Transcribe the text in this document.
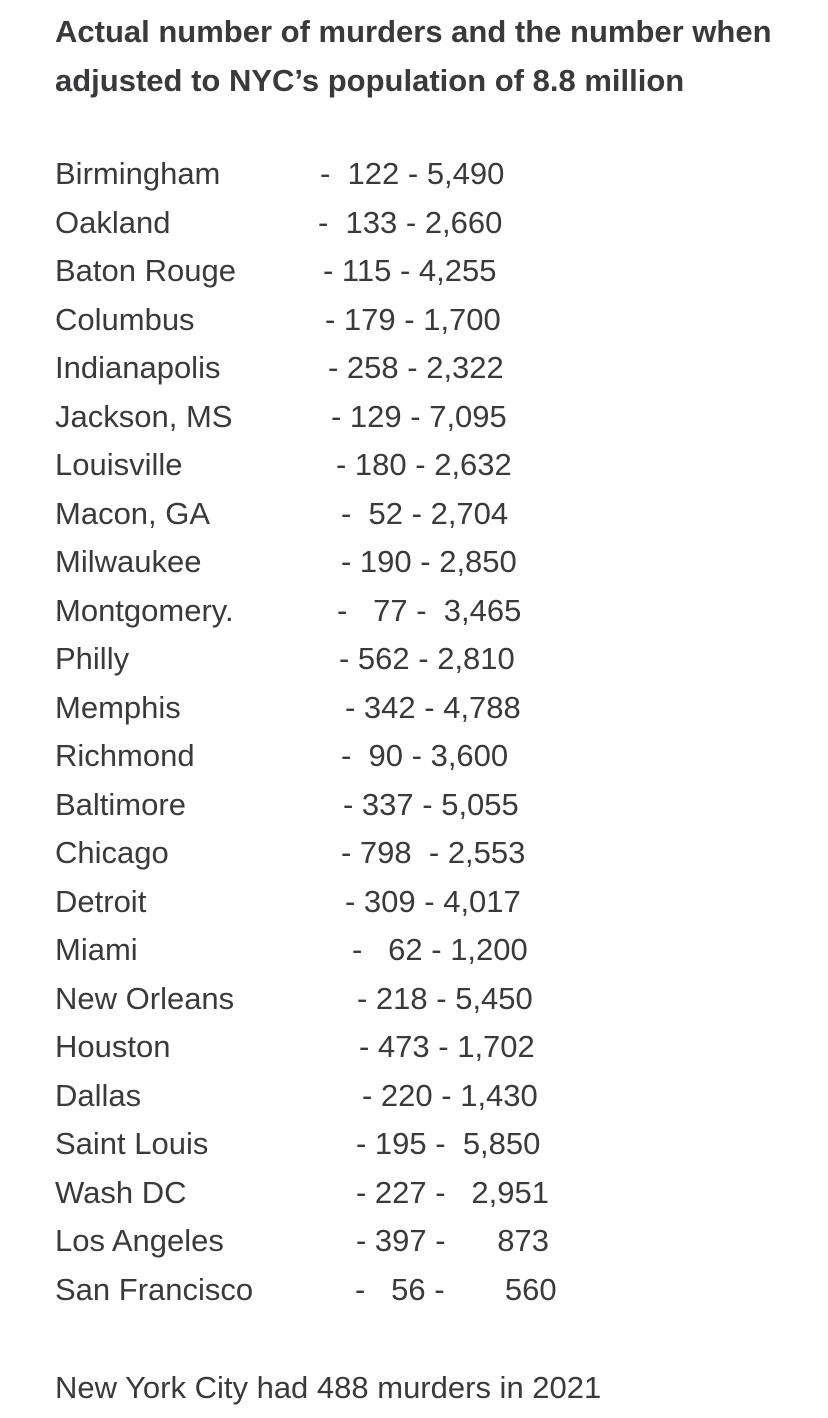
Actual number of murders and the number when adjusted to NYC’s population of 8.8 million
Birmingham	-  122 - 5,490
Oakland	-  133 - 2,660
Baton Rouge	- 115 - 4,255
Columbus	- 179 - 1,700
Indianapolis	- 258 - 2,322
Jackson, MS	- 129 - 7,095
Louisville	- 180 - 2,632
Macon, GA	-  52 - 2,704
Milwaukee	- 190 - 2,850
Montgomery.	-   77 -  3,465
Philly	- 562 - 2,810
Memphis	- 342 - 4,788
Richmond	-  90 - 3,600
Baltimore	- 337 - 5,055
Chicago	- 798  - 2,553
Detroit	- 309 - 4,017
Miami	-   62 - 1,200
New Orleans	- 218 - 5,450
Houston	- 473 - 1,702
Dallas	- 220 - 1,430
Saint Louis	- 195 -  5,850
Wash DC	- 227 -   2,951
Los Angeles	- 397 -      873
San Francisco	-   56 -       560

New York City had 488 murders in 2021
